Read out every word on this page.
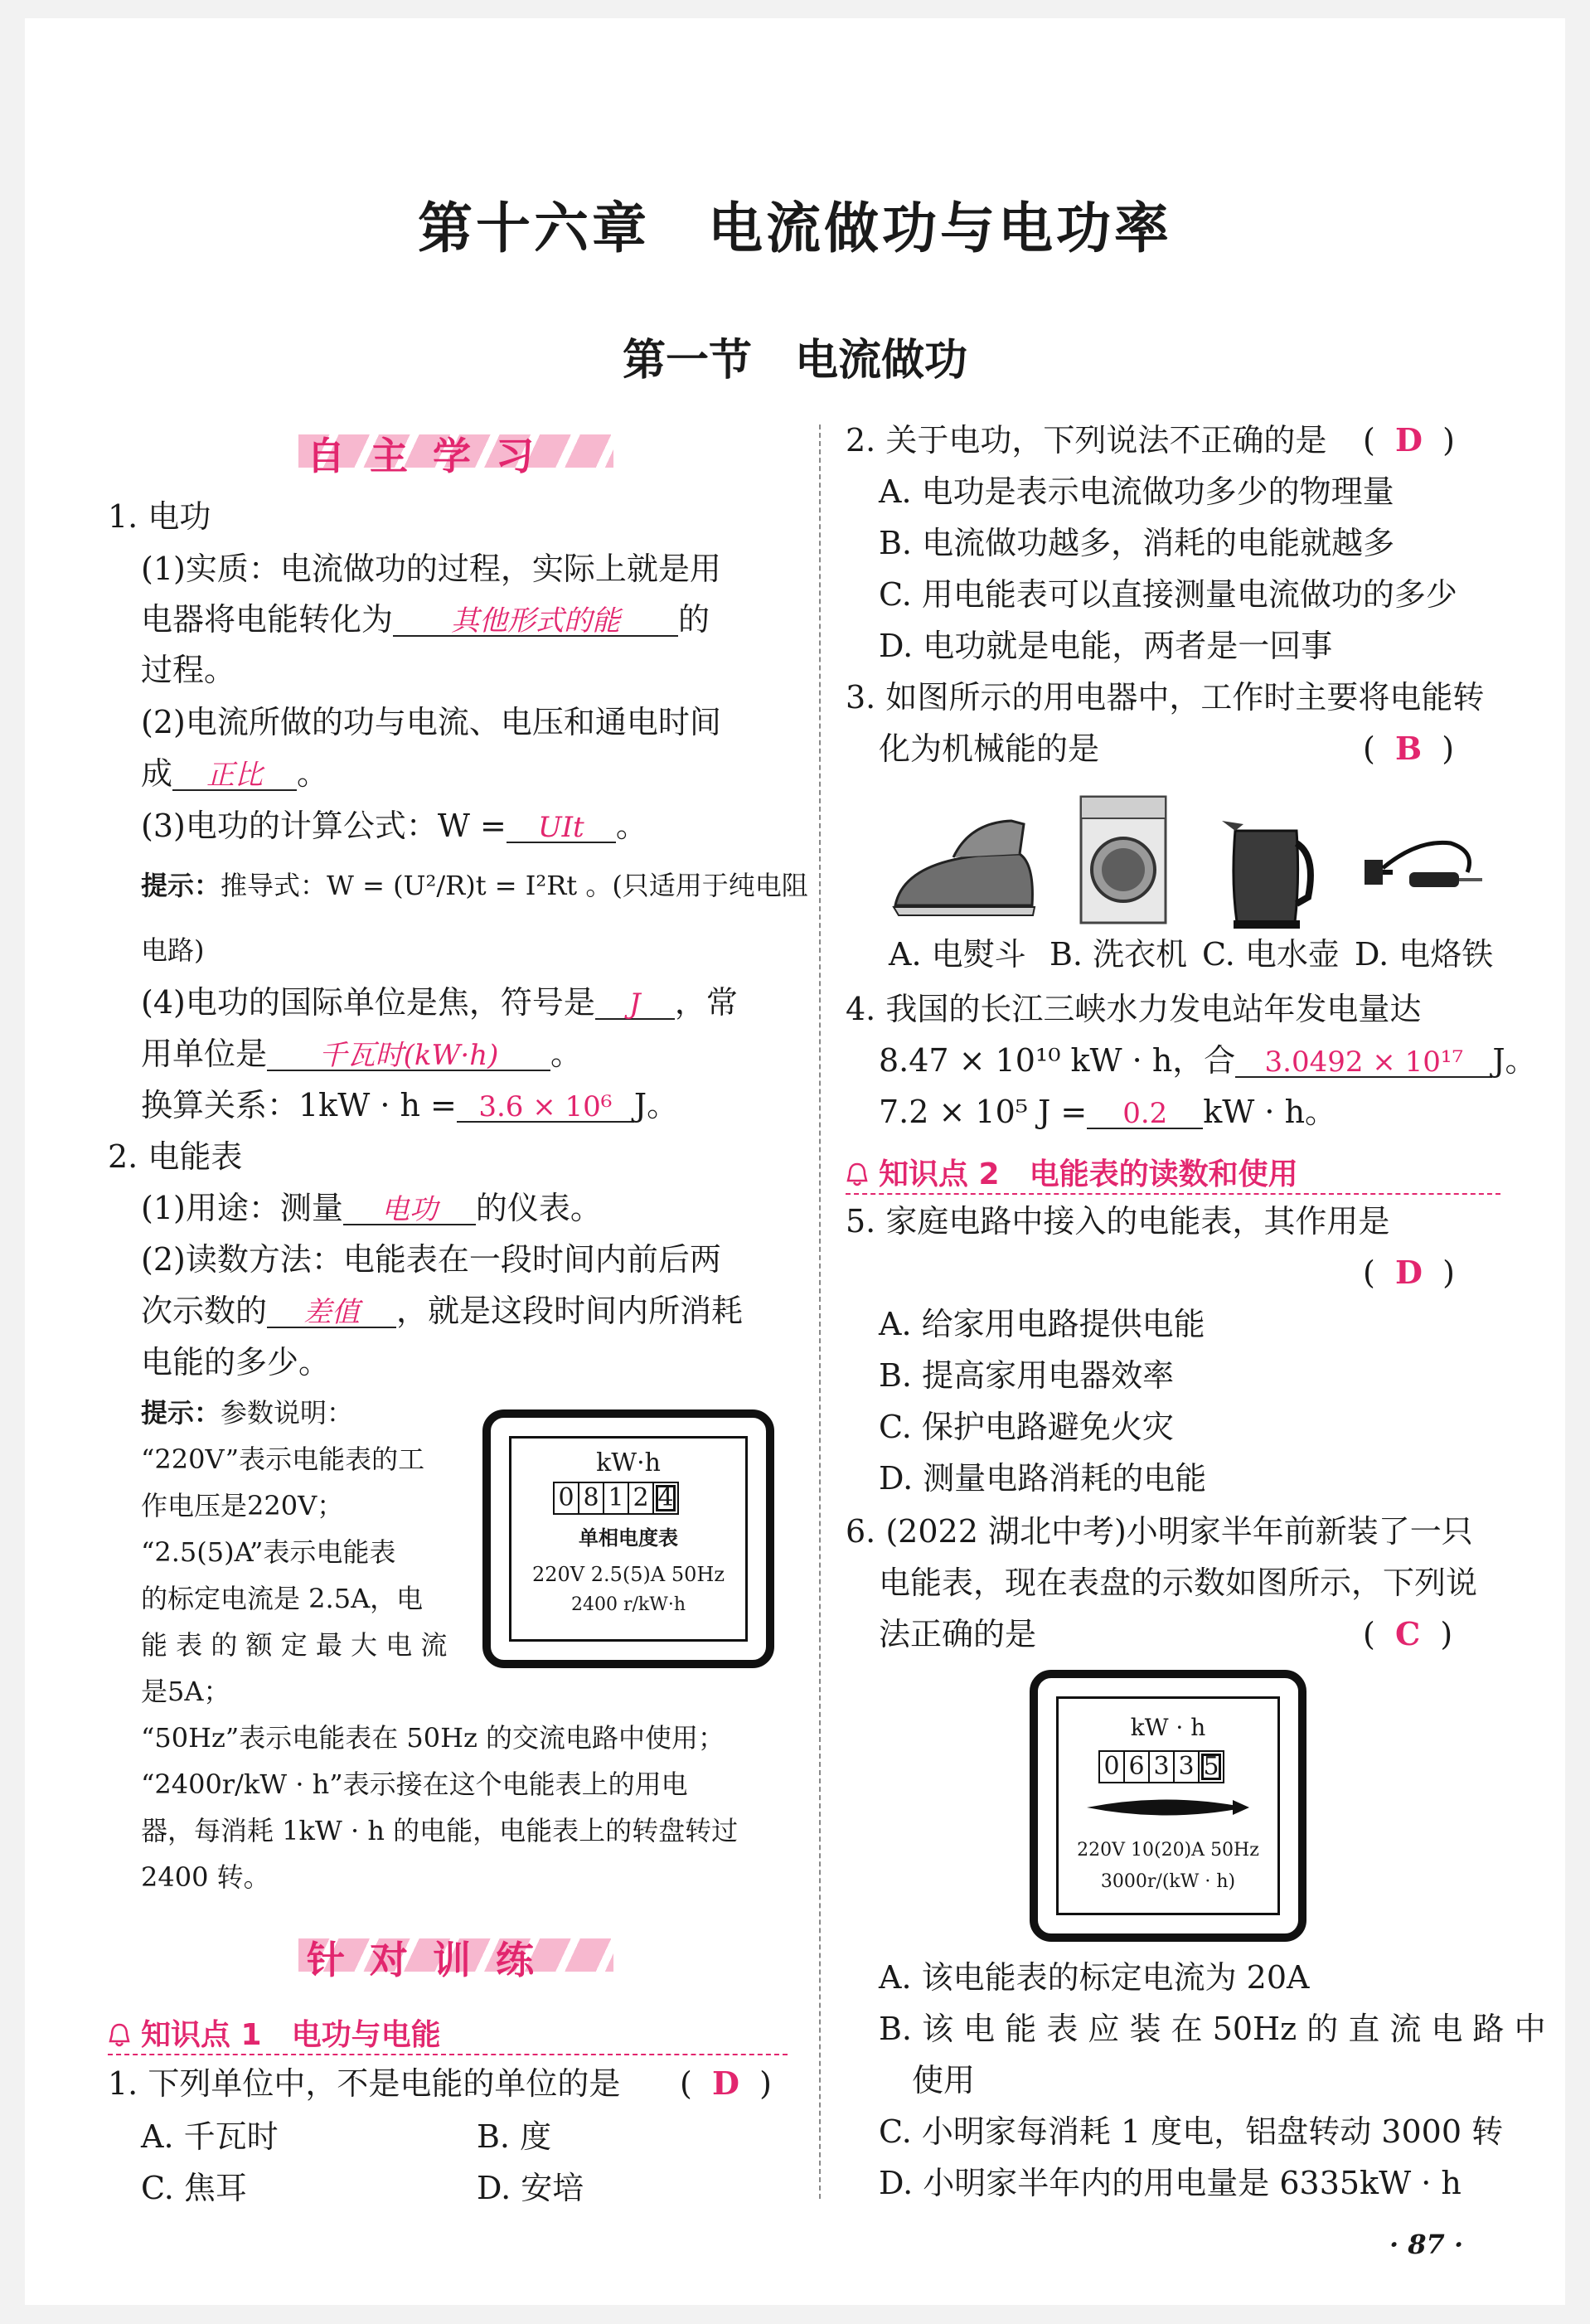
第十六章　电流做功与电功率
第一节　电流做功
自主学习
1. 电功
(1)实质：电流做功的过程，实际上就是用
电器将电能转化为 其他形式的能 的
过程。
(2)电流所做的功与电流、电压和通电时间
成 正比 。
(3)电功的计算公式：W = UIt 。
提示：推导式：W = (U²/R)t = I²Rt 。(只适用于纯电阻
电路)
(4)电功的国际单位是焦，符号是 J ，常
用单位是 千瓦时(kW·h) 。
换算关系：1kW · h = 3.6 × 10⁶ J。
2. 电能表
(1)用途：测量 电功 的仪表。
(2)读数方法：电能表在一段时间内前后两
次示数的 差值 ，就是这段时间内所消耗
电能的多少。
提示：参数说明：
“220V”表示电能表的工
作电压是220V；
“2.5(5)A”表示电能表
的标定电流是 2.5A，电
能 表 的 额 定 最 大 电 流
是5A；
“50Hz”表示电能表在 50Hz 的交流电路中使用；
“2400r/kW · h”表示接在这个电能表上的用电
器，每消耗 1kW · h 的电能，电能表上的转盘转过
2400 转。
kW·h
0 8 1 2 4
单相电度表
220V 2.5(5)A 50Hz
2400 r/kW·h
针对训练
知识点 1　电功与电能
1. 下列单位中，不是电能的单位的是 (  D  )
A. 千瓦时	B. 度
C. 焦耳	D. 安培
2. 关于电功，下列说法不正确的是 (  D  )
A. 电功是表示电流做功多少的物理量
B. 电流做功越多，消耗的电能就越多
C. 用电能表可以直接测量电流做功的多少
D. 电功就是电能，两者是一回事
3. 如图所示的用电器中，工作时主要将电能转
化为机械能的是	(  B  )
A. 电熨斗 B. 洗衣机 C. 电水壶 D. 电烙铁
4. 我国的长江三峡水力发电站年发电量达
8.47 × 10¹⁰ kW · h，合 3.0492 × 10¹⁷ J。
7.2 × 10⁵ J = 0.2 kW · h。
知识点 2　电能表的读数和使用
5. 家庭电路中接入的电能表，其作用是
(  D  )
A. 给家用电路提供电能
B. 提高家用电器效率
C. 保护电路避免火灾
D. 测量电路消耗的电能
6. (2022 湖北中考)小明家半年前新装了一只
电能表，现在表盘的示数如图所示，下列说
法正确的是	(  C  )
kW · h
0 6 3 3 5
220V 10(20)A 50Hz
3000r/(kW · h)
A. 该电能表的标定电流为 20A
B. 该 电 能 表 应 装 在 50Hz 的 直 流 电 路 中
使用
C. 小明家每消耗 1 度电，铝盘转动 3000 转
D. 小明家半年内的用电量是 6335kW · h
· 87 ·
